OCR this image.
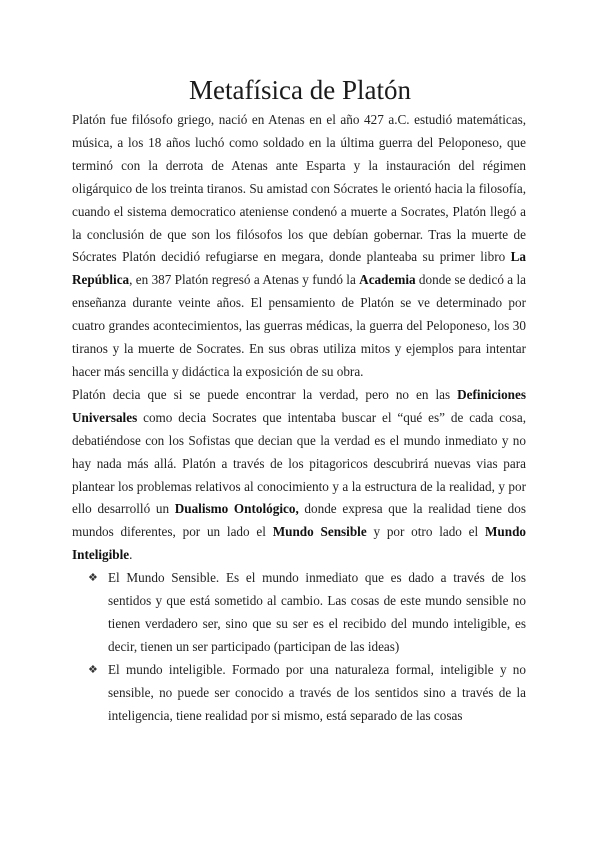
Metafísica de Platón

Platón fue filósofo griego, nació en Atenas en el año 427 a.C. estudió matemáticas, música, a los 18 años luchó como soldado en la última guerra del Peloponeso, que terminó con la derrota de Atenas ante Esparta y la instauración del régimen oligárquico de los treinta tiranos. Su amistad con Sócrates le orientó hacia la filosofía, cuando el sistema democratico ateniense condenó a muerte a Socrates, Platón llegó a la conclusión de que son los filósofos los que debían gobernar. Tras la muerte de Sócrates Platón decidió refugiarse en megara, donde planteaba su primer libro La República, en 387 Platón regresó a Atenas y fundó la Academia donde se dedicó a la enseñanza durante veinte años. El pensamiento de Platón se ve determinado por cuatro grandes acontecimientos, las guerras médicas, la guerra del Peloponeso, los 30 tiranos y la muerte de Socrates. En sus obras utiliza mitos y ejemplos para intentar hacer más sencilla y didáctica la exposición de su obra.

Platón decia que si se puede encontrar la verdad, pero no en las Definiciones Universales como decia Socrates que intentaba buscar el “qué es” de cada cosa, debatiéndose con los Sofistas que decian que la verdad es el mundo inmediato y no hay nada más allá. Platón a través de los pitagoricos descubrirá nuevas vias para plantear los problemas relativos al conocimiento y a la estructura de la realidad, y por ello desarrolló un Dualismo Ontológico, donde expresa que la realidad tiene dos mundos diferentes, por un lado el Mundo Sensible y por otro lado el Mundo Inteligible.

❖ El Mundo Sensible. Es el mundo inmediato que es dado a través de los sentidos y que está sometido al cambio. Las cosas de este mundo sensible no tienen verdadero ser, sino que su ser es el recibido del mundo inteligible, es decir, tienen un ser participado (participan de las ideas)
❖ El mundo inteligible. Formado por una naturaleza formal, inteligible y no sensible, no puede ser conocido a través de los sentidos sino a través de la inteligencia, tiene realidad por si mismo, está separado de las cosas
